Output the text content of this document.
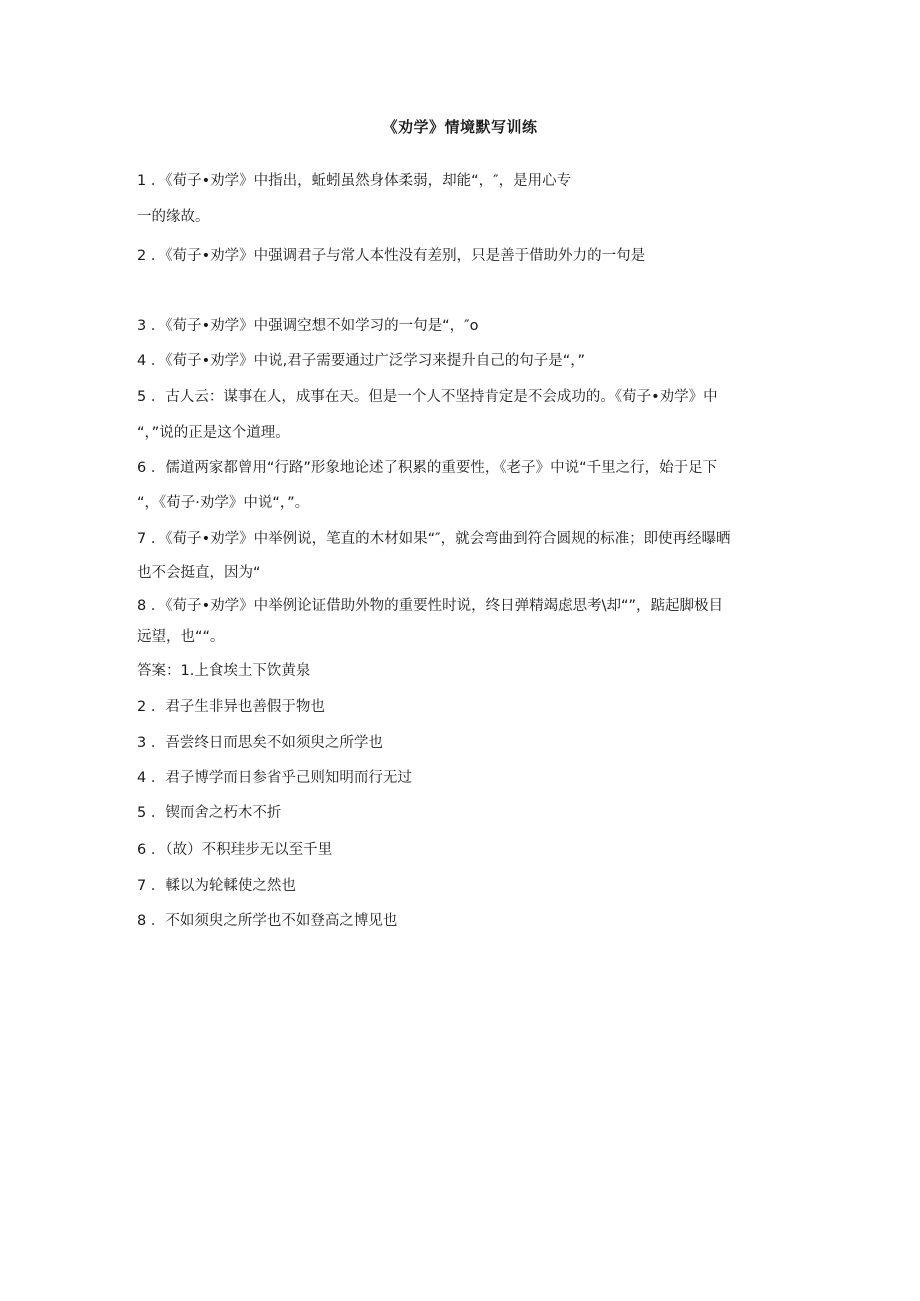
《劝学》情境默写训练
1 ．《荀子•劝学》中指出，蚯蚓虽然身体柔弱，却能“，″，是用心专
一的缘故。
2 ．《荀子•劝学》中强调君子与常人本性没有差别，只是善于借助外力的一句是
3 ．《荀子•劝学》中强调空想不如学习的一句是“，″o
4 ．《荀子•劝学》中说,君子需要通过广泛学习来提升自己的句子是“，”
5 ．古人云：谋事在人，成事在天。但是一个人不坚持肯定是不会成功的。《荀子•劝学》中
“，”说的正是这个道理。
6 ．儒道两家都曾用“行路”形象地论述了积累的重要性，《老子》中说“千里之行，始于足下
“，《荀子·劝学》中说“，”。
7 ．《荀子•劝学》中举例说，笔直的木材如果“″，就会弯曲到符合圆规的标准；即使再经曝晒
也不会挺直，因为“
8 ．《荀子•劝学》中举例论证借助外物的重要性时说，终日弹精竭虑思考\却“”，踮起脚极目
远望，也““。
答案：1.上食埃土下饮黄泉
2 ．君子生非异也善假于物也
3 ．吾尝终日而思矣不如须臾之所学也
4 ．君子博学而日参省乎己则知明而行无过
5 ．锲而舍之朽木不折
6 ．（故）不积珪步无以至千里
7 ．輮以为轮輮使之然也
8 ．不如须臾之所学也不如登高之博见也
